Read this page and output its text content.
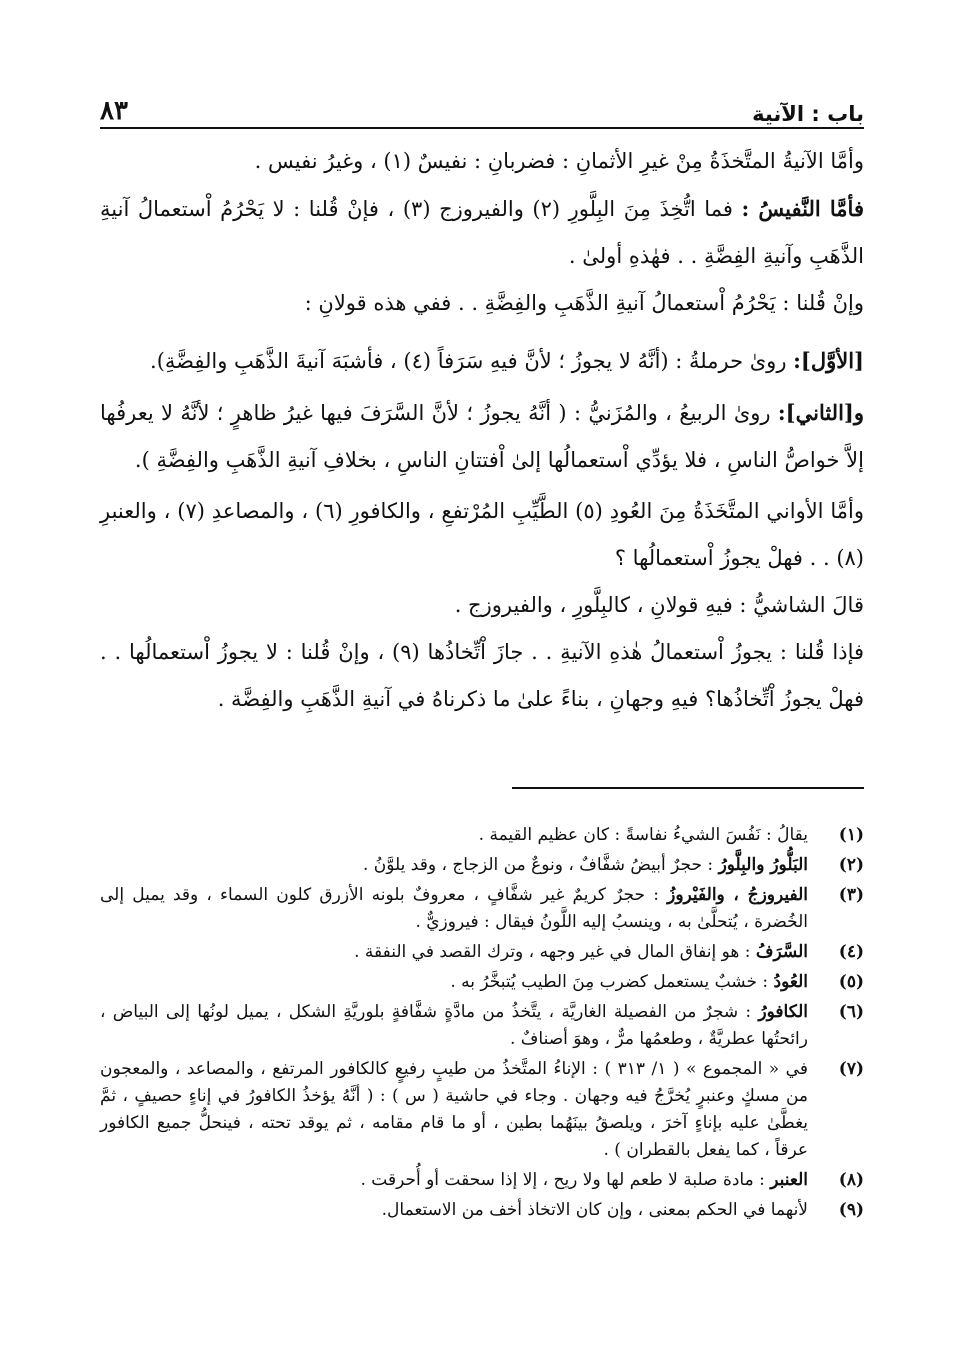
باب : الآنية
٨٣

وأمَّا الآنيةُ المتَّخذَةُ مِنْ غيرِ الأثمانِ : فضربانِ : نفيسٌ (١) ، وغيرُ نفيس .

فأمَّا النَّفيسُ : فما اتُّخِذَ مِنَ البِلَّورِ (٢) والفيروزج (٣) ، فإنْ قُلنا : لا يَحْرُمُ اْستعمالُ آنيةِ الذَّهَبِ وآنيةِ الفِضَّةِ . . فهٰذهِ أولىٰ .

وإنْ قُلنا : يَحْرُمُ اْستعمالُ آنيةِ الذَّهَبِ والفِضَّةِ . . ففي هذه قولانِ :

[الأوَّل]: روىٰ حرملةُ : (أنَّهُ لا يجوزُ ؛ لأنَّ فيهِ سَرَفاً (٤) ، فأشبَهَ آنيةَ الذَّهَبِ والفِضَّةِ).

و[الثاني]: روىٰ الربيعُ ، والمُزَنيُّ : ( أنَّهُ يجوزُ ؛ لأنَّ السَّرَفَ فيها غيرُ ظاهرٍ ؛ لأنَّهُ لا يعرفُها إلاَّ خواصُّ الناسِ ، فلا يؤدِّي اْستعمالُها إلىٰ اْفتتانِ الناسِ ، بخلافِ آنيةِ الذَّهَبِ والفِضَّةِ ).

وأمَّا الأواني المتَّخَذَةُ مِنَ العُودِ (٥) الطَّيِّبِ المُرْتفعِ ، والكافورِ (٦) ، والمصاعدِ (٧) ، والعنبرِ (٨) . . فهلْ يجوزُ اْستعمالُها ؟

قالَ الشاشيُّ : فيهِ قولانِ ، كالبِلَّورِ ، والفيروزج .

فإذا قُلنا : يجوزُ اْستعمالُ هٰذهِ الآنيةِ . . جازَ اْتِّخاذُها (٩) ، وإنْ قُلنا : لا يجوزُ اْستعمالُها . . فهلْ يجوزُ اْتِّخاذُها؟ فيهِ وجهانِ ، بناءً علىٰ ما ذكرناهُ في آنيةِ الذَّهَبِ والفِضَّة .

(١)
يقالُ : نَفُسَ الشيءُ نفاسةً : كان عظيم القيمة .
(٢)
البَلُّورُ والبِلَّورُ : حجرٌ أبيضُ شفَّافٌ ، ونوعٌ من الزجاج ، وقد يلوَّنُ .
(٣)
الفيروزجُ ، والفَيْروزُ : حجرٌ كريمٌ غير شفَّافٍ ، معروفٌ بلونه الأزرق كلون السماء ، وقد يميل إلى الخُضرة ، يُتحلَّىٰ به ، وينسبُ إليه اللَّونُ فيقال : فيروزيٌّ .
(٤)
السَّرَفُ : هو إنفاق المال في غير وجهه ، وترك القصد في النفقة .
(٥)
العُودُ : خشبٌ يستعمل كضرب مِنَ الطيب يُتبخَّرُ به .
(٦)
الكافورُ : شجرٌ من الفصيلة الغاريَّة ، يتَّخذُ من مادَّةٍ شفَّافةٍ بلوريَّةِ الشكل ، يميل لونُها إلى البياض ، رائحتُها عطريَّةٌ ، وطعمُها مرٌّ ، وهوَ أصنافٌ .
(٧)
في « المجموع » ( ١/ ٣١٣ ) : الإناءُ المتَّخذُ من طيبٍ رفيعٍ كالكافور المرتفع ، والمصاعد ، والمعجون من مسكٍ وعنبرٍ يُخرَّجُ فيه وجهان . وجاء في حاشية ( س ) : ( أنَّهُ يؤخذُ الكافورُ في إناءٍ حصيفٍ ، ثمَّ يغطَّىٰ عليه بإناءٍ آخرَ ، ويلصقُ بينَهُما بطين ، أو ما قام مقامه ، ثم يوقد تحته ، فينحلُّ جميع الكافور عرقاً ، كما يفعل بالقطران ) .
(٨)
العنبر : مادة صلبة لا طعم لها ولا ريح ، إلا إذا سحقت أو أُحرقت .
(٩)
لأنهما في الحكم بمعنى ، وإن كان الاتخاذ أخف من الاستعمال.
